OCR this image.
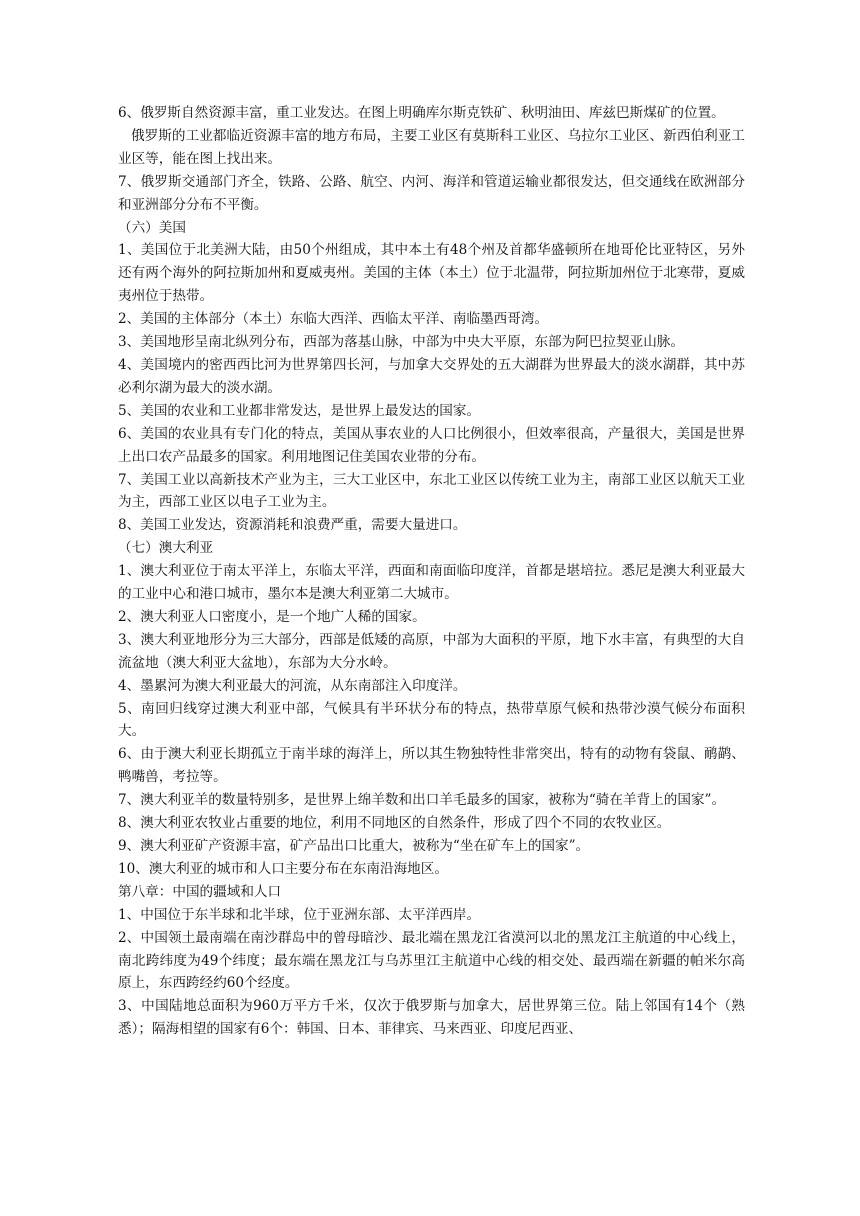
6、俄罗斯自然资源丰富，重工业发达。在图上明确库尔斯克铁矿、秋明油田、库兹巴斯煤矿的位置。

俄罗斯的工业都临近资源丰富的地方布局，主要工业区有莫斯科工业区、乌拉尔工业区、新西伯利亚工业区等，能在图上找出来。

7、俄罗斯交通部门齐全，铁路、公路、航空、内河、海洋和管道运输业都很发达，但交通线在欧洲部分和亚洲部分分布不平衡。

（六）美国

1、美国位于北美洲大陆，由50个州组成，其中本土有48个州及首都华盛顿所在地哥伦比亚特区，另外还有两个海外的阿拉斯加州和夏威夷州。美国的主体（本土）位于北温带，阿拉斯加州位于北寒带，夏威夷州位于热带。

2、美国的主体部分（本土）东临大西洋、西临太平洋、南临墨西哥湾。

3、美国地形呈南北纵列分布，西部为落基山脉，中部为中央大平原，东部为阿巴拉契亚山脉。

4、美国境内的密西西比河为世界第四长河，与加拿大交界处的五大湖群为世界最大的淡水湖群，其中苏必利尔湖为最大的淡水湖。

5、美国的农业和工业都非常发达，是世界上最发达的国家。

6、美国的农业具有专门化的特点，美国从事农业的人口比例很小，但效率很高，产量很大，美国是世界上出口农产品最多的国家。利用地图记住美国农业带的分布。

7、美国工业以高新技术产业为主，三大工业区中，东北工业区以传统工业为主，南部工业区以航天工业为主，西部工业区以电子工业为主。

8、美国工业发达，资源消耗和浪费严重，需要大量进口。

（七）澳大利亚

1、澳大利亚位于南太平洋上，东临太平洋，西面和南面临印度洋，首都是堪培拉。悉尼是澳大利亚最大的工业中心和港口城市，墨尔本是澳大利亚第二大城市。

2、澳大利亚人口密度小，是一个地广人稀的国家。

3、澳大利亚地形分为三大部分，西部是低矮的高原，中部为大面积的平原，地下水丰富，有典型的大自流盆地（澳大利亚大盆地），东部为大分水岭。

4、墨累河为澳大利亚最大的河流，从东南部注入印度洋。

5、南回归线穿过澳大利亚中部，气候具有半环状分布的特点，热带草原气候和热带沙漠气候分布面积大。

6、由于澳大利亚长期孤立于南半球的海洋上，所以其生物独特性非常突出，特有的动物有袋鼠、鸸鹋、鸭嘴兽，考拉等。

7、澳大利亚羊的数量特别多，是世界上绵羊数和出口羊毛最多的国家，被称为“骑在羊背上的国家”。

8、澳大利亚农牧业占重要的地位，利用不同地区的自然条件，形成了四个不同的农牧业区。

9、澳大利亚矿产资源丰富，矿产品出口比重大，被称为“坐在矿车上的国家”。

10、澳大利亚的城市和人口主要分布在东南沿海地区。

第八章：中国的疆域和人口

1、中国位于东半球和北半球，位于亚洲东部、太平洋西岸。

2、中国领土最南端在南沙群岛中的曾母暗沙、最北端在黑龙江省漠河以北的黑龙江主航道的中心线上，南北跨纬度为49个纬度；最东端在黑龙江与乌苏里江主航道中心线的相交处、最西端在新疆的帕米尔高原上，东西跨经约60个经度。

3、中国陆地总面积为960万平方千米，仅次于俄罗斯与加拿大，居世界第三位。陆上邻国有14个（熟悉）；隔海相望的国家有6个：韩国、日本、菲律宾、马来西亚、印度尼西亚、
